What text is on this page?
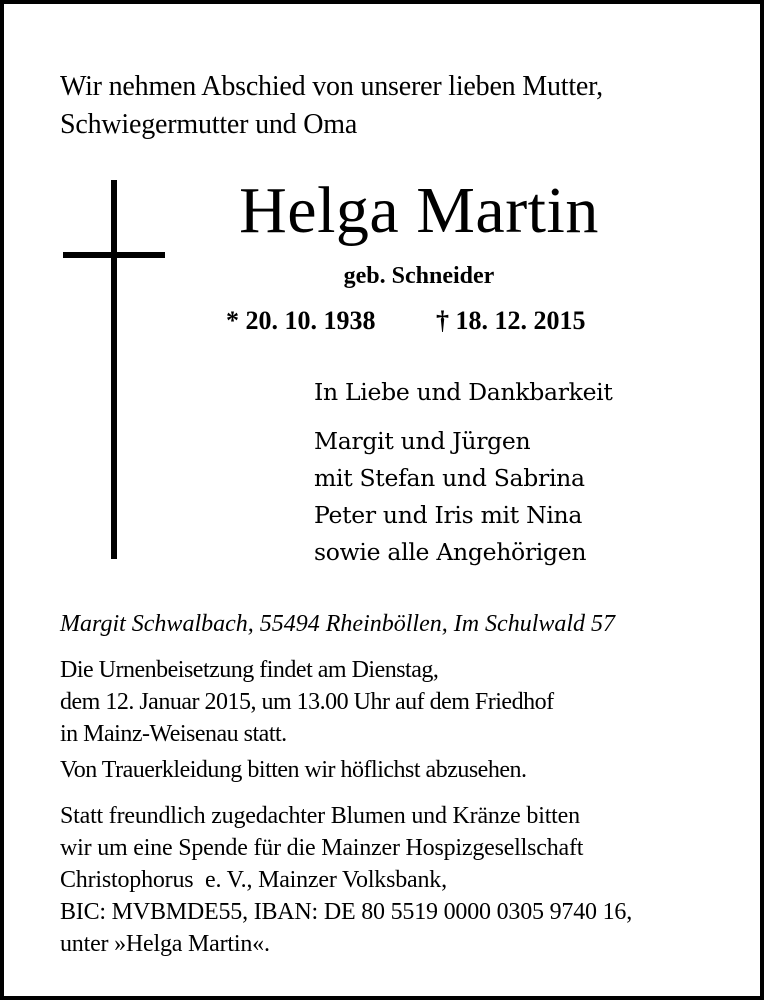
Wir nehmen Abschied von unserer lieben Mutter,
Schwiegermutter und Oma
Helga Martin
geb. Schneider
* 20. 10. 1938 † 18. 12. 2015
In Liebe und Dankbarkeit
Margit und Jürgen
mit Stefan und Sabrina
Peter und Iris mit Nina
sowie alle Angehörigen
Margit Schwalbach, 55494 Rheinböllen, Im Schulwald 57
Die Urnenbeisetzung findet am Dienstag,
dem 12. Januar 2015, um 13.00 Uhr auf dem Friedhof
in Mainz-Weisenau statt.
Von Trauerkleidung bitten wir höflichst abzusehen.
Statt freundlich zugedachter Blumen und Kränze bitten
wir um eine Spende für die Mainzer Hospizgesellschaft
Christophorus  e. V., Mainzer Volksbank,
BIC: MVBMDE55, IBAN: DE 80 5519 0000 0305 9740 16,
unter »Helga Martin«.
